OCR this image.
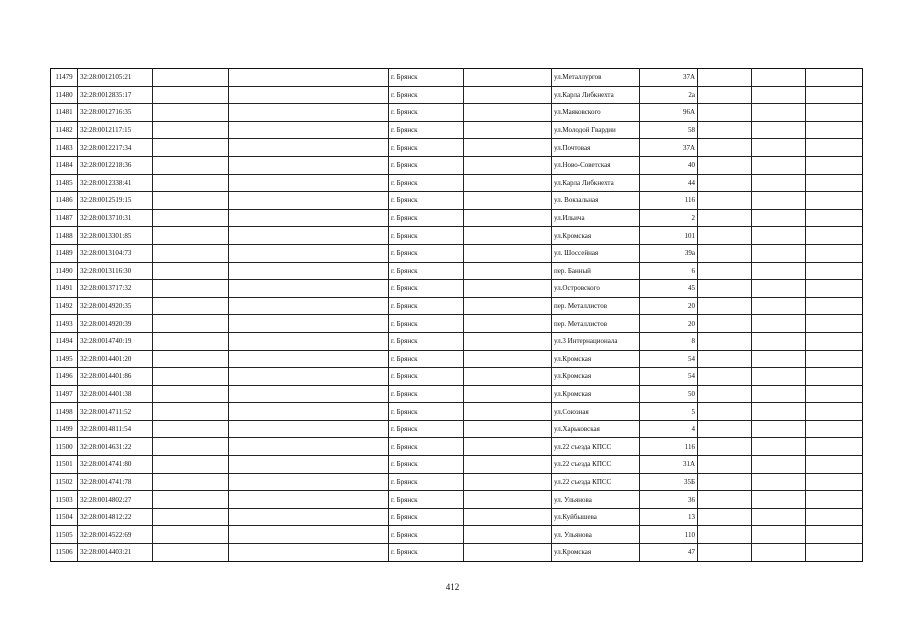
11479	32:28:0012105:21			г. Брянск		ул.Металлургов	37А			
11480	32:28:0012835:17			г. Брянск		ул.Карла Либкнехта	2а			
11481	32:28:0012716:35			г. Брянск		ул.Маяковского	96А			
11482	32:28:0012117:15			г. Брянск		ул.Молодой Гвардии	58			
11483	32:28:0012217:34			г. Брянск		ул.Почтовая	37А			
11484	32:28:0012218:36			г. Брянск		ул.Ново-Советская	40			
11485	32:28:0012338:41			г. Брянск		ул.Карла Либкнехта	44			
11486	32:28:0012519:15			г. Брянск		ул. Вокзальная	116			
11487	32:28:0013710:31			г. Брянск		ул.Ильича	2			
11488	32:28:0013301:85			г. Брянск		ул.Кромская	101			
11489	32:28:0013104:73			г. Брянск		ул. Шоссейная	39а			
11490	32:28:0013116:30			г. Брянск		пер. Банный	6			
11491	32:28:0013717:32			г. Брянск		ул.Островского	45			
11492	32:28:0014920:35			г. Брянск		пер. Металлистов	20			
11493	32:28:0014920:39			г. Брянск		пер. Металлистов	20			
11494	32:28:0014740:19			г. Брянск		ул.3 Интернационала	8			
11495	32:28:0014401:20			г. Брянск		ул.Кромская	54			
11496	32:28:0014401:86			г. Брянск		ул.Кромская	54			
11497	32:28:0014401:38			г. Брянск		ул.Кромская	50			
11498	32:28:0014711:52			г. Брянск		ул.Союзная	5			
11499	32:28:0014811:54			г. Брянск		ул.Харьковская	4			
11500	32:28:0014631:22			г. Брянск		ул.22 съезда КПСС	116			
11501	32:28:0014741:80			г. Брянск		ул.22 съезда КПСС	31А			
11502	32:28:0014741:78			г. Брянск		ул.22 съезда КПСС	35Б			
11503	32:28:0014802:27			г. Брянск		ул. Ульянова	36			
11504	32:28:0014812:22			г. Брянск		ул.Куйбышева	13			
11505	32:28:0014522:69			г. Брянск		ул. Ульянова	110			
11506	32:28:0014403:21			г. Брянск		ул.Кромская	47			
412
